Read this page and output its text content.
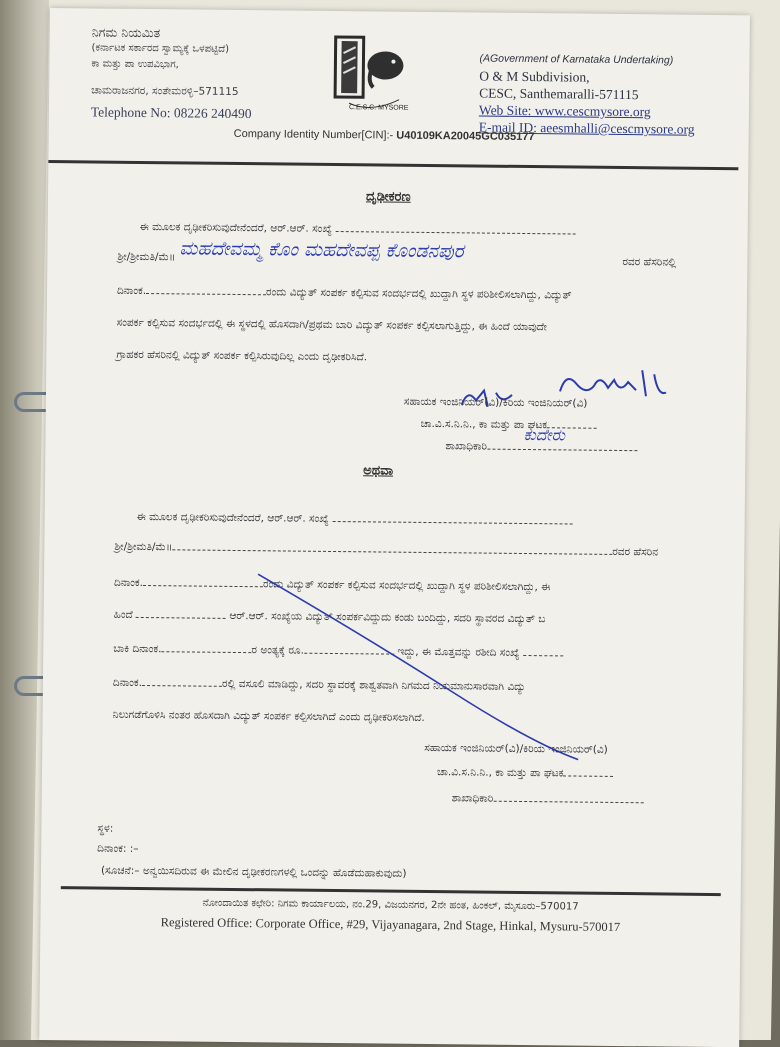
ನಿಗಮ ನಿಯಮಿತ
(ಕರ್ನಾಟಕ ಸರ್ಕಾರದ ಸ್ವಾಮ್ಯಕ್ಕೆ ಒಳಪಟ್ಟಿದೆ)
ಕಾ ಮತ್ತು ಪಾ ಉಪವಿಭಾಗ,
ಚಾಮರಾಜನಗರ, ಸಂತೇಮರಳ್ಳಿ–571115
Telephone No: 08226 240490	C.E.S.C. MYSORE
(AGovernment of Karnataka Undertaking)
O & M Subdivision,
CESC, Santhemaralli-571115
Web Site: www.cescmysore.org
E-mail ID: aeesmhalli@cescmysore.org
Company Identity Number[CIN]:- U40109KA20045GC035177
ದೃಢೀಕರಣ
ಈ ಮೂಲಕ ದೃಢೀಕರಿಸುವುದೇನೆಂದರೆ, ಆರ್.ಆರ್. ಸಂಖ್ಯೆ
ಶ್ರೀ/ಶ್ರೀಮತಿ/ಮೆ॥ ಮಹದೇವಮ್ಮ ಕೊಂ ಮಹದೇವಪ್ಪ ಕೊಂಡನಪುರ	ರವರ ಹೆಸರಿನಲ್ಲಿ
ದಿನಾಂಕ.	ರಂದು ವಿದ್ಯುತ್ ಸಂಪರ್ಕ ಕಲ್ಪಿಸುವ ಸಂದರ್ಭದಲ್ಲಿ ಖುದ್ದಾಗಿ ಸ್ಥಳ ಪರಿಶೀಲಿಸಲಾಗಿದ್ದು, ವಿದ್ಯುತ್
ಸಂಪರ್ಕ ಕಲ್ಪಿಸುವ ಸಂದರ್ಭದಲ್ಲಿ ಈ ಸ್ಥಳದಲ್ಲಿ ಹೊಸದಾಗಿ/ಪ್ರಥಮ ಬಾರಿ ವಿದ್ಯುತ್ ಸಂಪರ್ಕ ಕಲ್ಪಿಸಲಾಗುತ್ತಿದ್ದು, ಈ ಹಿಂದೆ ಯಾವುದೇ
ಗ್ರಾಹಕರ ಹೆಸರಿನಲ್ಲಿ ವಿದ್ಯುತ್ ಸಂಪರ್ಕ ಕಲ್ಪಿಸಿರುವುದಿಲ್ಲ ಎಂದು ದೃಢೀಕರಿಸಿದೆ.
ಸಹಾಯಕ ಇಂಜಿನಿಯರ್(ವಿ)/ಕಿರಿಯ ಇಂಜಿನಿಯರ್(ವಿ)
ಚಾ.ವಿ.ಸ.ನಿ.ನಿ., ಕಾ ಮತ್ತು ಪಾ ಘಟಕ
ಶಾಖಾಧಿಕಾರಿ
ಕುದೇರು
ಅಥವಾ
ಈ ಮೂಲಕ ದೃಢೀಕರಿಸುವುದೇನೆಂದರೆ, ಆರ್.ಆರ್. ಸಂಖ್ಯೆ
ಶ್ರೀ/ಶ್ರೀಮತಿ/ಮೆ॥	ರವರ ಹೆಸರಿನ
ದಿನಾಂಕ.	ರಂದು ವಿದ್ಯುತ್ ಸಂಪರ್ಕ ಕಲ್ಪಿಸುವ ಸಂದರ್ಭದಲ್ಲಿ ಖುದ್ದಾಗಿ ಸ್ಥಳ ಪರಿಶೀಲಿಸಲಾಗಿದ್ದು, ಈ
ಹಿಂದೆ	ಆರ್.ಆರ್. ಸಂಖ್ಯೆಯ ವಿದ್ಯುತ್ ಸಂಪರ್ಕವಿದ್ದುದು ಕಂಡು ಬಂದಿದ್ದು, ಸದರಿ ಸ್ಥಾವರದ ವಿದ್ಯುತ್ ಬ
ಬಾಕಿ ದಿನಾಂಕ.	ರ ಅಂತ್ಯಕ್ಕೆ ರೂ.	ಇದ್ದು, ಈ ಮೊತ್ತವನ್ನು ರಶೀದಿ ಸಂಖ್ಯೆ
ದಿನಾಂಕ.	ರಲ್ಲಿ ವಸೂಲಿ ಮಾಡಿದ್ದು, ಸದರಿ ಸ್ಥಾವರಕ್ಕೆ ಶಾಶ್ವತವಾಗಿ ನಿಗಮದ ನಿಯಮಾನುಸಾರವಾಗಿ ವಿದ್ಯು
ನಿಲುಗಡೆಗೊಳಿಸಿ ನಂತರ ಹೊಸದಾಗಿ ವಿದ್ಯುತ್ ಸಂಪರ್ಕ ಕಲ್ಪಿಸಲಾಗಿದೆ ಎಂದು ದೃಢೀಕರಿಸಲಾಗಿದೆ.
ಸಹಾಯಕ ಇಂಜಿನಿಯರ್(ವಿ)/ಕಿರಿಯ ಇಂಜಿನಿಯರ್(ವಿ)
ಚಾ.ವಿ.ಸ.ನಿ.ನಿ., ಕಾ ಮತ್ತು ಪಾ ಘಟಕ
ಶಾಖಾಧಿಕಾರಿ
ಸ್ಥಳ:
ದಿನಾಂಕ: :–
(ಸೂಚನೆ:– ಅನ್ವಯಿಸದಿರುವ ಈ ಮೇಲಿನ ದೃಢೀಕರಣಗಳಲ್ಲಿ ಒಂದನ್ನು ಹೊಡೆದುಹಾಕುವುದು)
ನೋಂದಾಯಿತ ಕಛೇರಿ: ನಿಗಮ ಕಾರ್ಯಾಲಯ, ನಂ.29, ವಿಜಯನಗರ, 2ನೇ ಹಂತ, ಹಿಂಕಲ್, ಮೈಸೂರು–570017
Registered Office: Corporate Office, #29, Vijayanagara, 2nd Stage, Hinkal, Mysuru-570017
